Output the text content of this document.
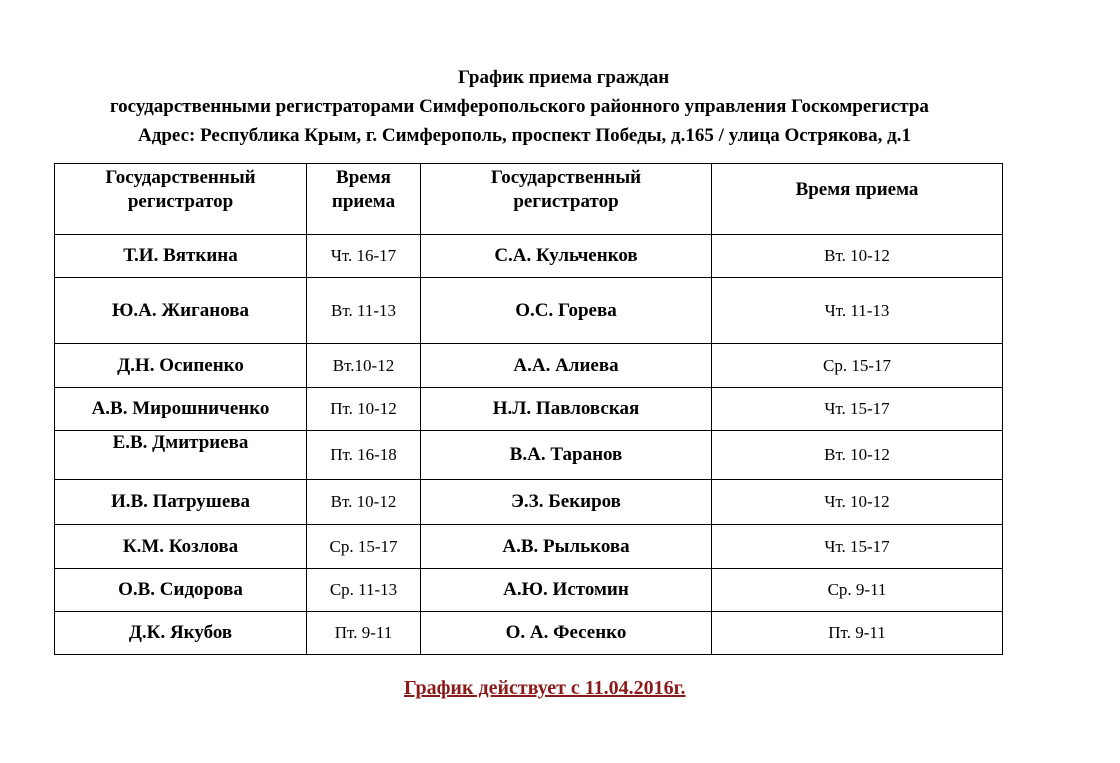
График приема граждан
государственными регистраторами Симферопольского районного управления Госкомрегистра
Адрес: Республика Крым, г. Симферополь, проспект Победы, д.165 / улица Острякова, д.1
Государственный регистратор	Время приема	Государственный регистратор	Время приема
Т.И. Вяткина	Чт. 16-17	С.А. Кульченков	Вт. 10-12
Ю.А. Жиганова	Вт. 11-13	О.С. Горева	Чт. 11-13
Д.Н. Осипенко	Вт.10-12	А.А. Алиева	Ср. 15-17
А.В. Мирошниченко	Пт. 10-12	Н.Л. Павловская	Чт. 15-17
Е.В. Дмитриева	Пт. 16-18	В.А. Таранов	Вт. 10-12
И.В. Патрушева	Вт. 10-12	Э.З. Бекиров	Чт. 10-12
К.М. Козлова	Ср. 15-17	А.В. Рылькова	Чт. 15-17
О.В. Сидорова	Ср. 11-13	А.Ю. Истомин	Ср. 9-11
Д.К. Якубов	Пт. 9-11	О. А. Фесенко	Пт. 9-11
График действует с 11.04.2016г.
